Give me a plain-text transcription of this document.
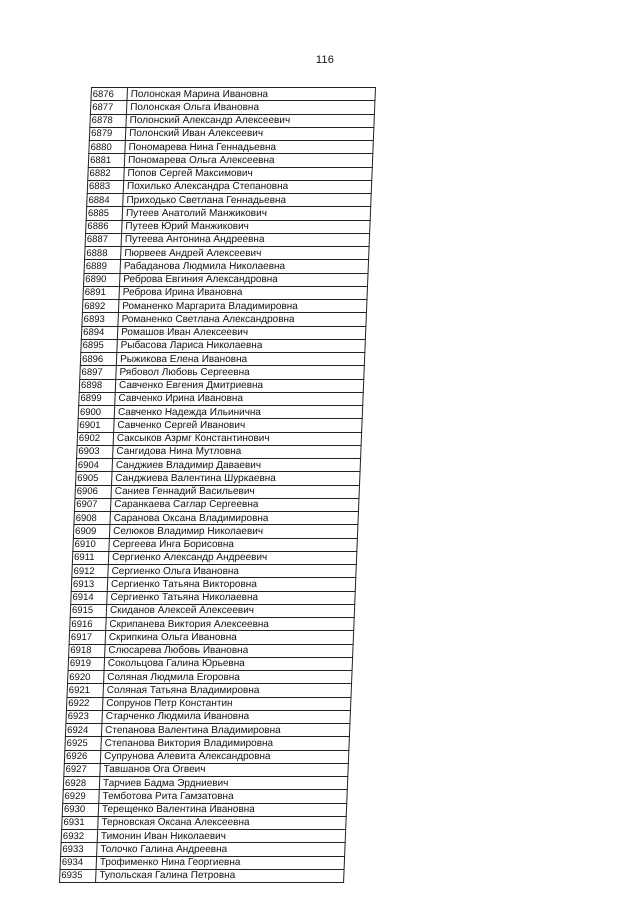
116
6876	Полонская Марина Ивановна
6877	Полонская Ольга Ивановна
6878	Полонский Александр Алексеевич
6879	Полонский Иван Алексеевич
6880	Пономарева Нина Геннадьевна
6881	Пономарева Ольга Алексеевна
6882	Попов Сергей Максимович
6883	Похилько Александра Степановна
6884	Приходько Светлана Геннадьевна
6885	Путеев Анатолий Манжикович
6886	Путеев Юрий Манжикович
6887	Путеева Антонина Андреевна
6888	Пюрвеев Андрей Алексеевич
6889	Рабаданова Людмила Николаевна
6890	Реброва Евгиния Александровна
6891	Реброва Ирина Ивановна
6892	Романенко Маргарита Владимировна
6893	Романенко Светлана Александровна
6894	Ромашов Иван Алексеевич
6895	Рыбасова Лариса Николаевна
6896	Рыжикова Елена Ивановна
6897	Рябовол Любовь Сергеевна
6898	Савченко Евгения Дмитриевна
6899	Савченко Ирина Ивановна
6900	Савченко Надежда Ильинична
6901	Савченко Сергей Иванович
6902	Саксыков Азрмг Константинович
6903	Сангидова Нина Мутловна
6904	Санджиев Владимир Даваевич
6905	Санджиева Валентина Шуркаевна
6906	Саниев Геннадий Васильевич
6907	Саранкаева Саглар Сергеевна
6908	Саранова Оксана Владимировна
6909	Селюков Владимир Николаевич
6910	Сергеева Инга Борисовна
6911	Сергиенко Александр Андреевич
6912	Сергиенко Ольга Ивановна
6913	Сергиенко Татьяна Викторовна
6914	Сергиенко Татьяна Николаевна
6915	Скиданов Алексей Алексеевич
6916	Скрипанева Виктория Алексеевна
6917	Скрипкина Ольга Ивановна
6918	Слюсарева Любовь Ивановна
6919	Сокольцова Галина Юрьевна
6920	Соляная Людмила Егоровна
6921	Соляная Татьяна Владимировна
6922	Сопрунов Петр Константин
6923	Старченко Людмила Ивановна
6924	Степанова Валентина Владимировна
6925	Степанова Виктория Владимировна
6926	Супрунова Алевита Александровна
6927	Тавшанов Ога Огвеич
6928	Тарчиев Бадма Эрдниевич
6929	Темботова Рита Гамзатовна
6930	Терещенко Валентина Ивановна
6931	Терновская Оксана Алексеевна
6932	Тимонин Иван Николаевич
6933	Толочко Галина Андреевна
6934	Трофименко Нина Георгиевна
6935	Тупольская Галина Петровна
